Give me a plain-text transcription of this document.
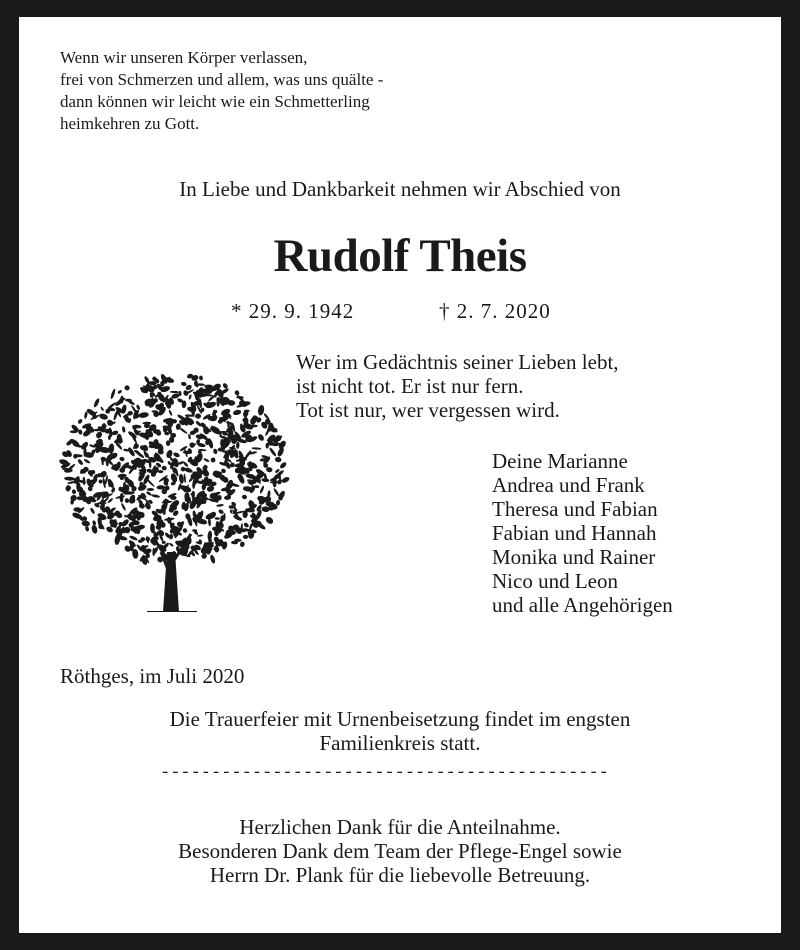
Wenn wir unseren Körper verlassen,
frei von Schmerzen und allem, was uns quälte -
dann können wir leicht wie ein Schmetterling
heimkehren zu Gott.
In Liebe und Dankbarkeit nehmen wir Abschied von
Rudolf Theis
* 29. 9. 1942	† 2. 7. 2020
Wer im Gedächtnis seiner Lieben lebt,
ist nicht tot. Er ist nur fern.
Tot ist nur, wer vergessen wird.
Deine Marianne
Andrea und Frank
Theresa und Fabian
Fabian und Hannah
Monika und Rainer
Nico und Leon
und alle Angehörigen
Röthges, im Juli 2020
Die Trauerfeier mit Urnenbeisetzung findet im engsten
Familienkreis statt.
--------------------------------------------
Herzlichen Dank für die Anteilnahme.
Besonderen Dank dem Team der Pflege-Engel sowie
Herrn Dr. Plank für die liebevolle Betreuung.
